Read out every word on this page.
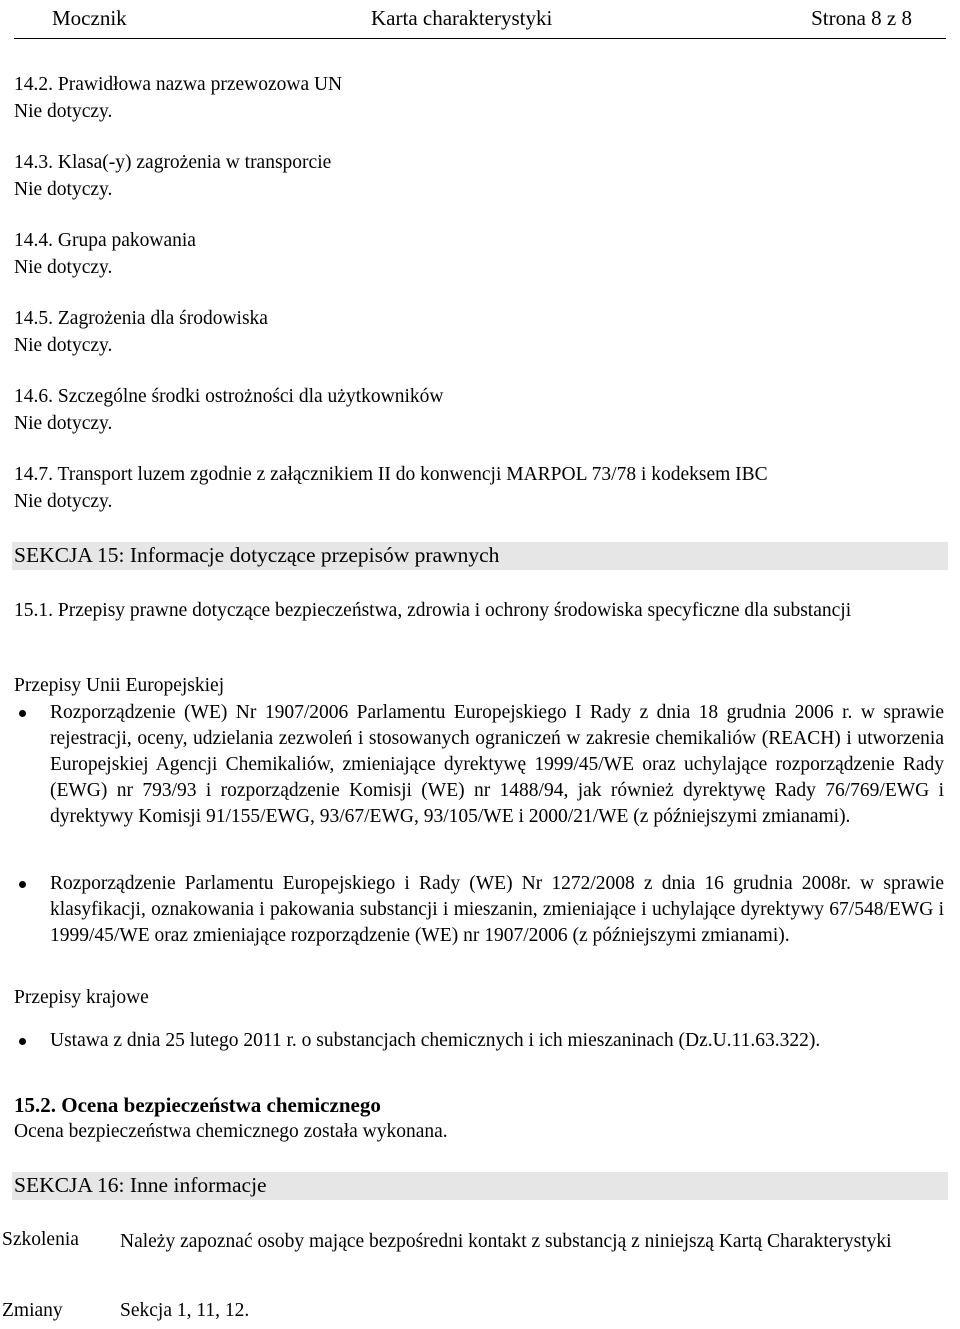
Mocznik	Karta charakterystyki	Strona 8 z 8
14.2. Prawidłowa nazwa przewozowa UN
Nie dotyczy.
14.3. Klasa(-y) zagrożenia w transporcie
Nie dotyczy.
14.4. Grupa pakowania
Nie dotyczy.
14.5. Zagrożenia dla środowiska
Nie dotyczy.
14.6. Szczególne środki ostrożności dla użytkowników
Nie dotyczy.
14.7. Transport luzem zgodnie z załącznikiem II do konwencji MARPOL 73/78 i kodeksem IBC
Nie dotyczy.
SEKCJA 15: Informacje dotyczące przepisów prawnych
15.1. Przepisy prawne dotyczące bezpieczeństwa, zdrowia i ochrony środowiska specyficzne dla substancji
Przepisy Unii Europejskiej
Rozporządzenie (WE) Nr 1907/2006 Parlamentu Europejskiego I Rady z dnia 18 grudnia 2006 r. w sprawie rejestracji, oceny, udzielania zezwoleń i stosowanych ograniczeń w zakresie chemikaliów (REACH) i utworzenia Europejskiej Agencji Chemikaliów, zmieniające dyrektywę 1999/45/WE oraz uchylające rozporządzenie Rady (EWG) nr 793/93 i rozporządzenie Komisji (WE) nr 1488/94, jak również dyrektywę Rady 76/769/EWG i dyrektywy Komisji 91/155/EWG, 93/67/EWG, 93/105/WE i 2000/21/WE (z późniejszymi zmianami).
Rozporządzenie Parlamentu Europejskiego i Rady (WE) Nr 1272/2008 z dnia 16 grudnia 2008r. w sprawie klasyfikacji, oznakowania i pakowania substancji i mieszanin, zmieniające i uchylające dyrektywy 67/548/EWG i 1999/45/WE oraz zmieniające rozporządzenie (WE) nr 1907/2006 (z późniejszymi zmianami).
Przepisy krajowe
Ustawa z dnia 25 lutego 2011 r. o substancjach chemicznych i ich mieszaninach (Dz.U.11.63.322).
15.2. Ocena bezpieczeństwa chemicznego
Ocena bezpieczeństwa chemicznego została wykonana.
SEKCJA 16: Inne informacje
Szkolenia Należy zapoznać osoby mające bezpośredni kontakt z substancją z niniejszą Kartą Charakterystyki
Zmiany	Sekcja 1, 11, 12.
